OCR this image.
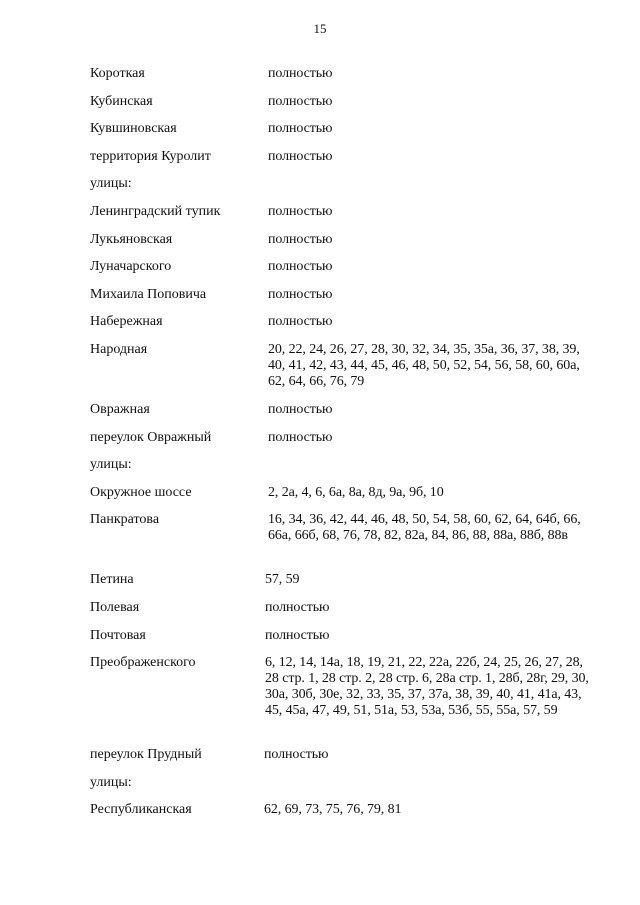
15
Короткая	полностью
Кубинская	полностью
Кувшиновская	полностью
территория Куролит	полностью
улицы:
Ленинградский тупик	полностью
Лукьяновская	полностью
Луначарского	полностью
Михаила Поповича	полностью
Набережная	полностью
Народная	20, 22, 24, 26, 27, 28, 30, 32, 34, 35, 35а, 36, 37, 38, 39, 40, 41, 42, 43, 44, 45, 46, 48, 50, 52, 54, 56, 58, 60, 60а, 62, 64, 66, 76, 79
Овражная	полностью
переулок Овражный	полностью
улицы:
Окружное шоссе	2, 2а, 4, 6, 6а, 8а, 8д, 9а, 9б, 10
Панкратова	16, 34, 36, 42, 44, 46, 48, 50, 54, 58, 60, 62, 64, 64б, 66, 66а, 66б, 68, 76, 78, 82, 82а, 84, 86, 88, 88а, 88б, 88в
Петина	57, 59
Полевая	полностью
Почтовая	полностью
Преображенского	6, 12, 14, 14а, 18, 19, 21, 22, 22а, 22б, 24, 25, 26, 27, 28, 28 стр. 1, 28 стр. 2, 28 стр. 6, 28а стр. 1, 28б, 28г, 29, 30, 30а, 30б, 30е, 32, 33, 35, 37, 37а, 38, 39, 40, 41, 41а, 43, 45, 45а, 47, 49, 51, 51а, 53, 53а, 53б, 55, 55а, 57, 59
переулок Прудный	полностью
улицы:
Республиканская	62, 69, 73, 75, 76, 79, 81
